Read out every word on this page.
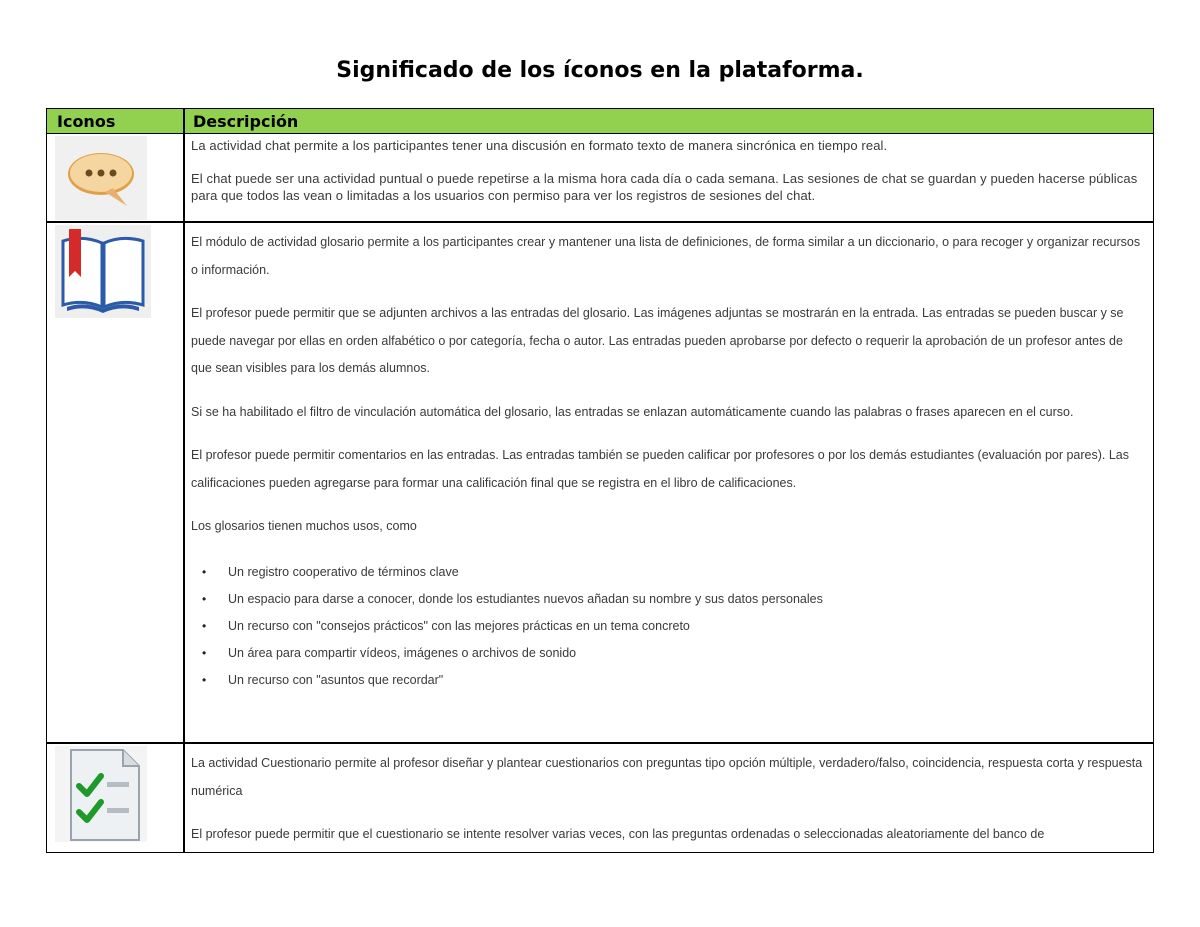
Significado de los íconos en la plataforma.
Iconos	Descripción

La actividad chat permite a los participantes tener una discusión en formato texto de manera sincrónica en tiempo real.

El chat puede ser una actividad puntual o puede repetirse a la misma hora cada día o cada semana. Las sesiones de chat se guardan y pueden hacerse públicas para que todos las vean o limitadas a los usuarios con permiso para ver los registros de sesiones del chat.

El módulo de actividad glosario permite a los participantes crear y mantener una lista de definiciones, de forma similar a un diccionario, o para recoger y organizar recursos o información.

El profesor puede permitir que se adjunten archivos a las entradas del glosario. Las imágenes adjuntas se mostrarán en la entrada. Las entradas se pueden buscar y se puede navegar por ellas en orden alfabético o por categoría, fecha o autor. Las entradas pueden aprobarse por defecto o requerir la aprobación de un profesor antes de que sean visibles para los demás alumnos.

Si se ha habilitado el filtro de vinculación automática del glosario, las entradas se enlazan automáticamente cuando las palabras o frases aparecen en el curso.

El profesor puede permitir comentarios en las entradas. Las entradas también se pueden calificar por profesores o por los demás estudiantes (evaluación por pares). Las calificaciones pueden agregarse para formar una calificación final que se registra en el libro de calificaciones.

Los glosarios tienen muchos usos, como

• Un registro cooperativo de términos clave
• Un espacio para darse a conocer, donde los estudiantes nuevos añadan su nombre y sus datos personales
• Un recurso con "consejos prácticos" con las mejores prácticas en un tema concreto
• Un área para compartir vídeos, imágenes o archivos de sonido
• Un recurso con "asuntos que recordar"

La actividad Cuestionario permite al profesor diseñar y plantear cuestionarios con preguntas tipo opción múltiple, verdadero/falso, coincidencia, respuesta corta y respuesta numérica

El profesor puede permitir que el cuestionario se intente resolver varias veces, con las preguntas ordenadas o seleccionadas aleatoriamente del banco de
